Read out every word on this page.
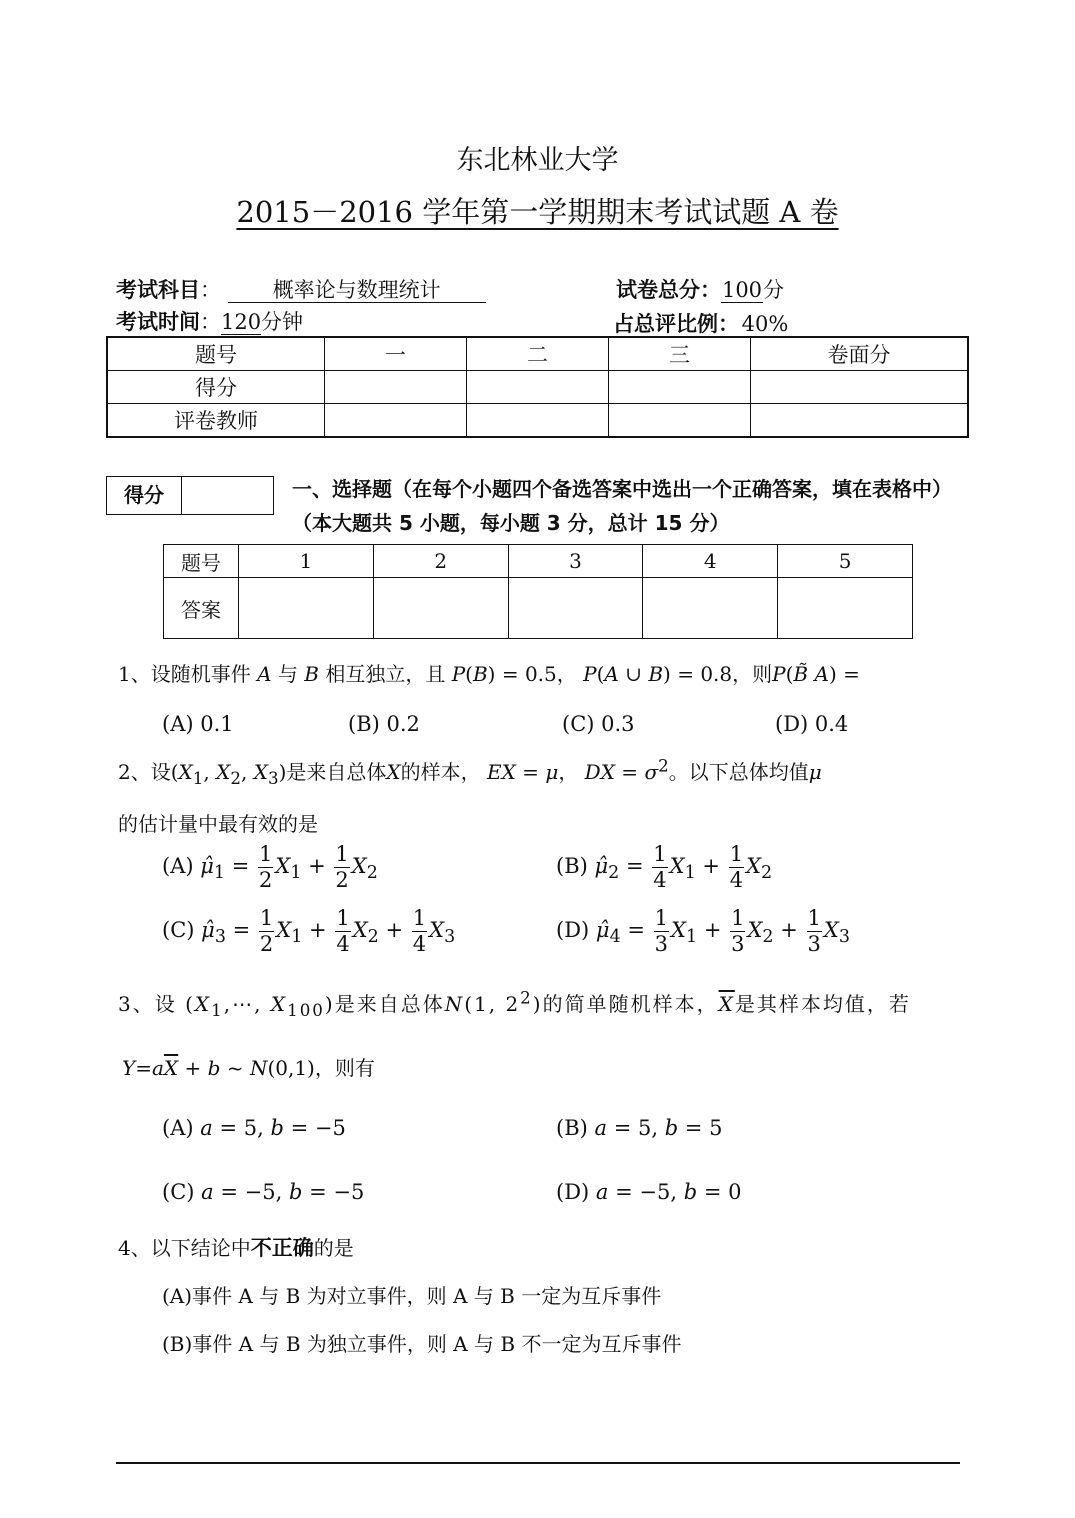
东北林业大学
2015－2016 学年第一学期期末考试试题 A 卷
考试科目： 概率论与数理统计	试卷总分：100分
考试时间：120分钟	占总评比例： 40%
题号	一	二	三	卷面分
得分				
评卷教师				
得分	一、选择题（在每个小题四个备选答案中选出一个正确答案，填在表格中）（本大题共 5 小题，每小题 3 分，总计 15 分）
题号	1	2	3	4	5
答案					
1、设随机事件 A 与 B 相互独立，且 P(B) = 0.5， P(A ∪ B) = 0.8，则P(B̃ A) =
(A) 0.1	(B) 0.2	(C) 0.3	(D) 0.4
2、设($X_1$, $X_2$, $X_3$)是来自总体X的样本， EX = μ， DX = $\sigma^2$。以下总体均值μ
的估计量中最有效的是
(A) $\mû_1 = \frac{1}{2} X_1 + \frac{1}{2} X_2$	(B) $\mû_2 = \frac{1}{4} X_1 + \frac{1}{4} X_2$
(C) $\mû_3 = \frac{1}{2} X_1 + \frac{1}{4} X_2 + \frac{1}{4} X_3$	(D) $\mû_4 = \frac{1}{3} X_1 + \frac{1}{3} X_2 + \frac{1}{3} X_3$
3、设 ($X_1,\cdots$, $X_{100}$)是来自总体N(1, $2^2$)的简单随机样本，$\overline{X}$是其样本均值，若
$Y=a\overline{X} + b$ ~ N(0,1)，则有
(A) a = 5, b = −5	(B) a = 5, b = 5
(C) a = −5, b = −5	(D) a = −5, b = 0
4、以下结论中不正确的是
(A)事件 A 与 B 为对立事件，则 A 与 B 一定为互斥事件
(B)事件 A 与 B 为独立事件，则 A 与 B 不一定为互斥事件
